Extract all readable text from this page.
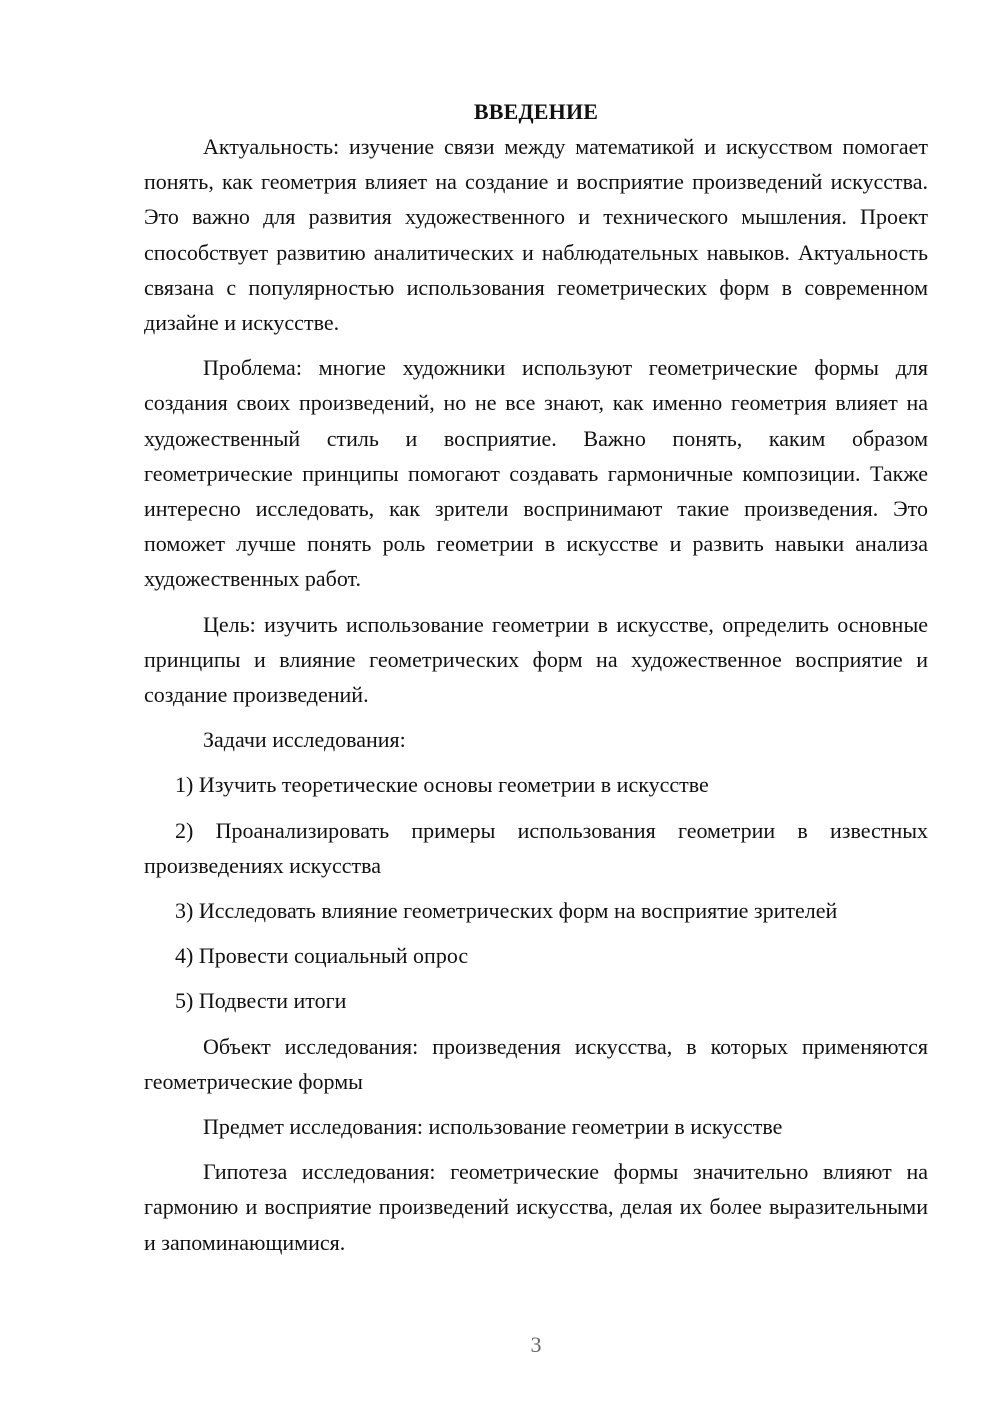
ВВЕДЕНИЕ

Актуальность: изучение связи между математикой и искусством помогает понять, как геометрия влияет на создание и восприятие произведений искусства. Это важно для развития художественного и технического мышления. Проект способствует развитию аналитических и наблюдательных навыков. Актуальность связана с популярностью использования геометрических форм в современном дизайне и искусстве.

Проблема: многие художники используют геометрические формы для создания своих произведений, но не все знают, как именно геометрия влияет на художественный стиль и восприятие. Важно понять, каким образом геометрические принципы помогают создавать гармоничные композиции. Также интересно исследовать, как зрители воспринимают такие произведения. Это поможет лучше понять роль геометрии в искусстве и развить навыки анализа художественных работ.

Цель: изучить использование геометрии в искусстве, определить основные принципы и влияние геометрических форм на художественное восприятие и создание произведений.

Задачи исследования:

1) Изучить теоретические основы геометрии в искусстве

2) Проанализировать примеры использования геометрии в известных произведениях искусства

3) Исследовать влияние геометрических форм на восприятие зрителей

4) Провести социальный опрос

5) Подвести итоги

Объект исследования: произведения искусства, в которых применяются геометрические формы

Предмет исследования: использование геометрии в искусстве

Гипотеза исследования: геометрические формы значительно влияют на гармонию и восприятие произведений искусства, делая их более выразительными и запоминающимися.

3
